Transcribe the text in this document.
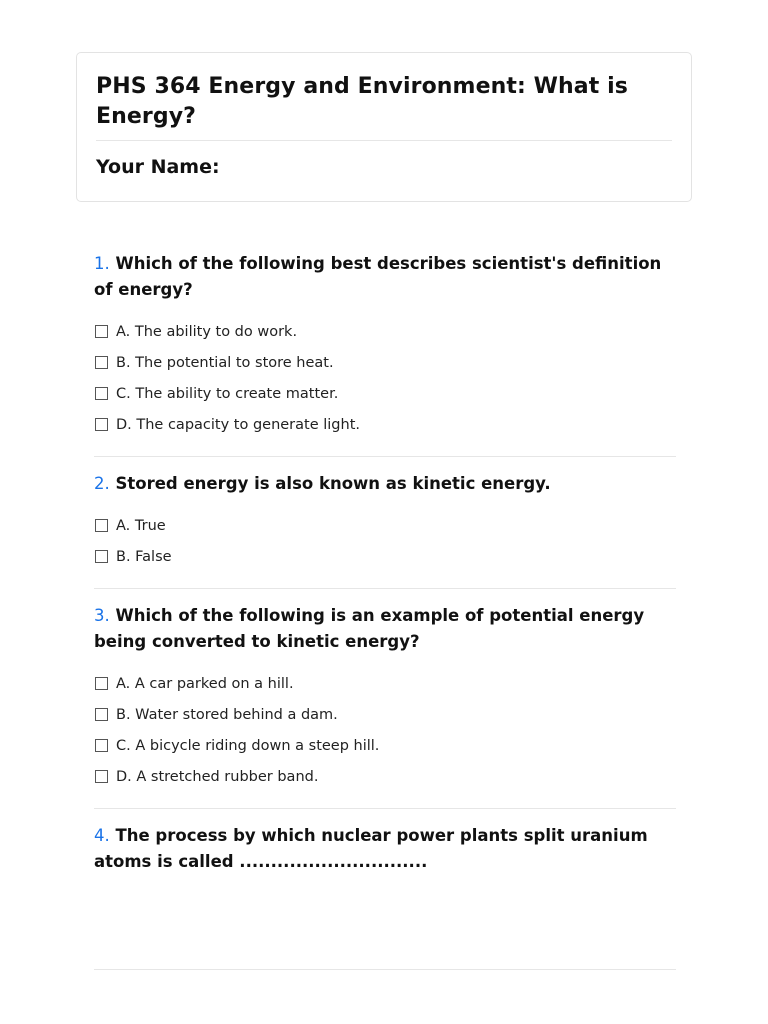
PHS 364 Energy and Environment: What is Energy?
Your Name:

1. Which of the following best describes scientist's definition of energy?

A. The ability to do work.
B. The potential to store heat.
C. The ability to create matter.
D. The capacity to generate light.

2. Stored energy is also known as kinetic energy.

A. True
B. False

3. Which of the following is an example of potential energy being converted to kinetic energy?

A. A car parked on a hill.
B. Water stored behind a dam.
C. A bicycle riding down a steep hill.
D. A stretched rubber band.

4. The process by which nuclear power plants split uranium atoms is called ..............................
